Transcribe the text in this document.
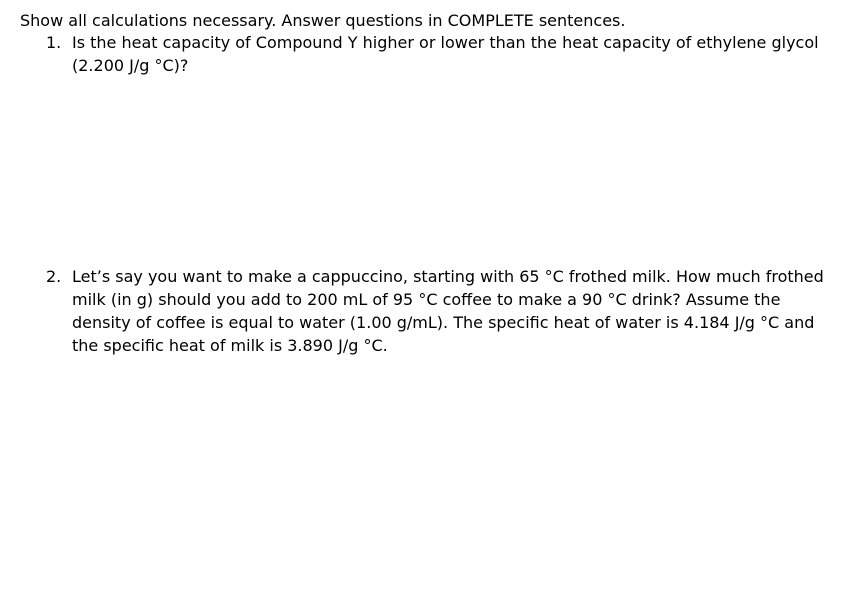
Show all calculations necessary. Answer questions in COMPLETE sentences.
1. Is the heat capacity of Compound Y higher or lower than the heat capacity of ethylene glycol
(2.200 J/g °C)?
2. Let’s say you want to make a cappuccino, starting with 65 °C frothed milk. How much frothed
milk (in g) should you add to 200 mL of 95 °C coffee to make a 90 °C drink? Assume the
density of coffee is equal to water (1.00 g/mL). The specific heat of water is 4.184 J/g °C and
the specific heat of milk is 3.890 J/g °C.
